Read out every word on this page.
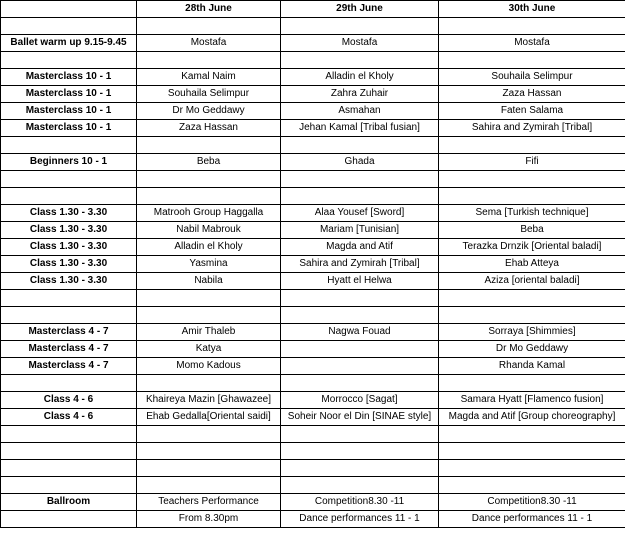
	28th June	29th June	30th June

Ballet warm up 9.15-9.45	Mostafa	Mostafa	Mostafa

Masterclass 10 - 1	Kamal Naim	Alladin el Kholy	Souhaila Selimpur
Masterclass 10 - 1	Souhaila Selimpur	Zahra Zuhair	Zaza Hassan
Masterclass 10 - 1	Dr Mo Geddawy	Asmahan	Faten Salama
Masterclass 10 - 1	Zaza Hassan	Jehan Kamal [Tribal fusian]	Sahira and Zymirah [Tribal]

Beginners 10 - 1	Beba	Ghada	Fifi

Class 1.30 - 3.30	Matrooh Group Haggalla	Alaa Yousef [Sword]	Sema [Turkish technique]
Class 1.30 - 3.30	Nabil Mabrouk	Mariam [Tunisian]	Beba
Class 1.30 - 3.30	Alladin el Kholy	Magda and Atif	Terazka Drnzik [Oriental baladi]
Class 1.30 - 3.30	Yasmina	Sahira and Zymirah [Tribal]	Ehab Atteya
Class 1.30 - 3.30	Nabila	Hyatt el Helwa	Aziza [oriental baladi]

Masterclass 4 - 7	Amir Thaleb	Nagwa Fouad	Sorraya [Shimmies]
Masterclass 4 - 7	Katya		Dr Mo Geddawy
Masterclass 4 - 7	Momo Kadous		Rhanda Kamal

Class 4 - 6	Khaireya Mazin [Ghawazee]	Morrocco [Sagat]	Samara Hyatt [Flamenco fusion]
Class 4 - 6	Ehab Gedalla[Oriental saidi]	Soheir Noor el Din [SINAE style]	Magda and Atif [Group choreography]

Ballroom	Teachers Performance	Competition8.30 -11	Competition8.30 -11
	From 8.30pm	Dance performances 11 - 1	Dance performances 11 - 1
